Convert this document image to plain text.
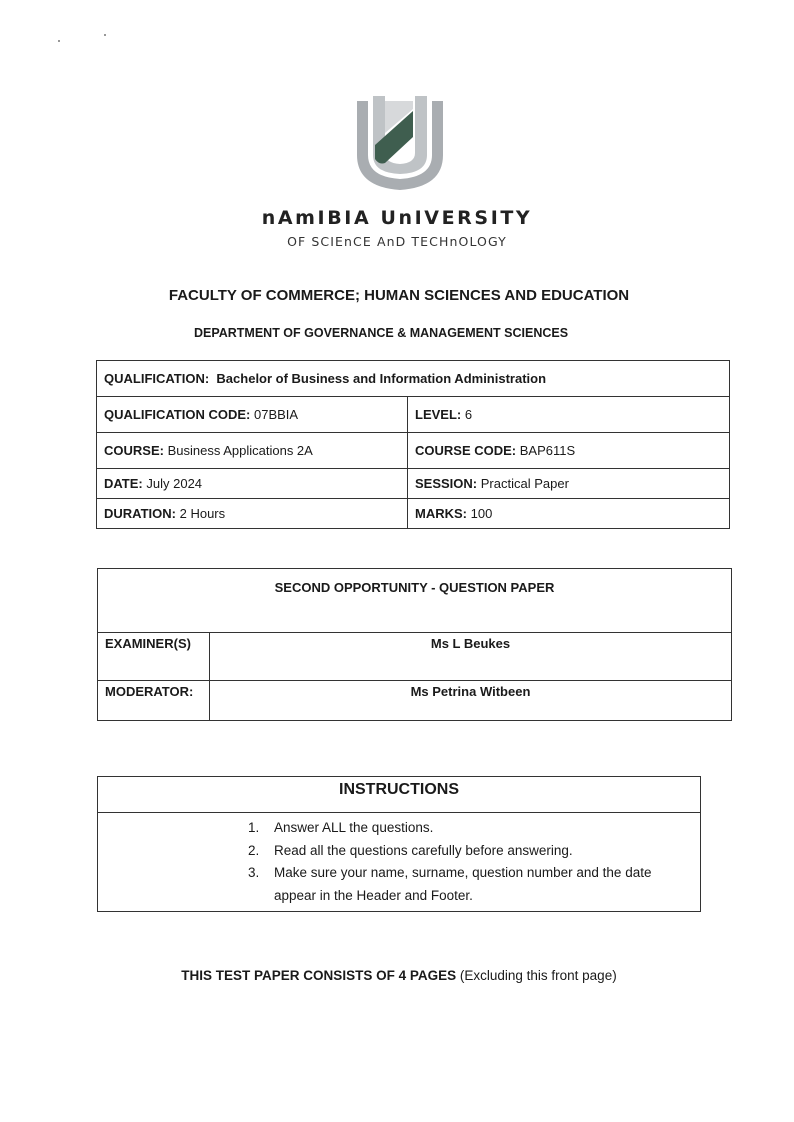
nAmIBIA UnIVERSITY
OF SCIEnCE AnD TECHnOLOGY
FACULTY OF COMMERCE; HUMAN SCIENCES AND EDUCATION
DEPARTMENT OF GOVERNANCE & MANAGEMENT SCIENCES
QUALIFICATION: Bachelor of Business and Information Administration	
QUALIFICATION CODE: 07BBIA	LEVEL: 6
COURSE: Business Applications 2A	COURSE CODE: BAP611S
DATE: July 2024	SESSION: Practical Paper
DURATION: 2 Hours	MARKS: 100
SECOND OPPORTUNITY - QUESTION PAPER	
EXAMINER(S)	Ms L Beukes
MODERATOR:	Ms Petrina Witbeen
INSTRUCTIONS
1. Answer ALL the questions.
2. Read all the questions carefully before answering.
3. Make sure your name, surname, question number and the date appear in the Header and Footer.
THIS TEST PAPER CONSISTS OF 4 PAGES (Excluding this front page)
